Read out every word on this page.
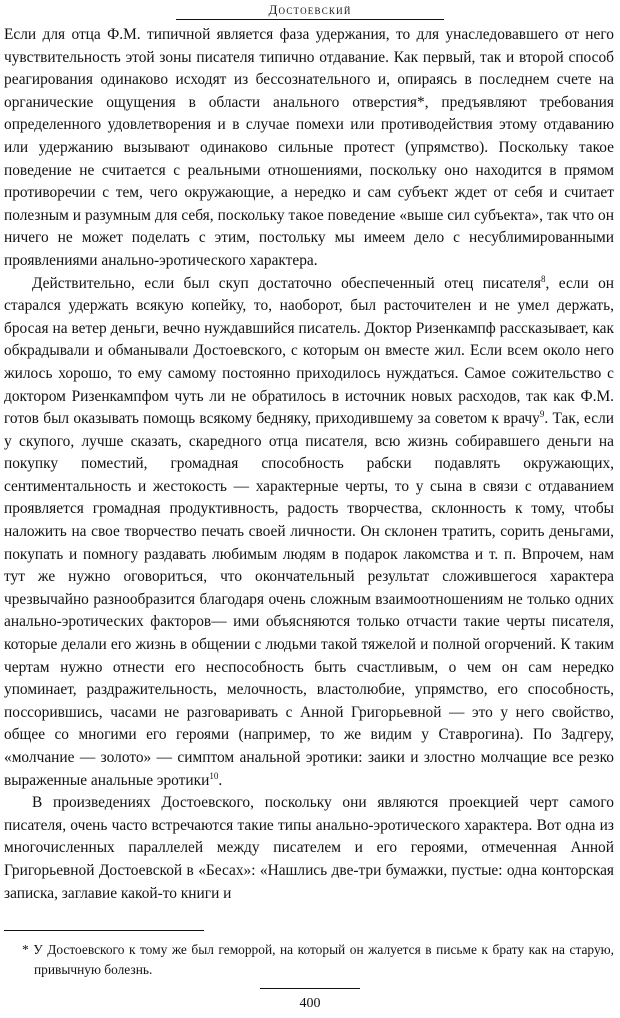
Достоевский

Если для отца Ф.М. типичной является фаза удержания, то для унаследовавшего от него чувствительность этой зоны писателя типично отдавание. Как первый, так и второй способ реагирования одинаково исходят из бессознательного и, опираясь в последнем счете на органические ощущения в области анального отверстия*, предъявляют требования определенного удовлетворения и в случае помехи или противодействия этому отдаванию или удержанию вызывают одинаково сильные протест (упрямство). Поскольку такое поведение не считается с реальными отношениями, поскольку оно находится в прямом противоречии с тем, чего окружающие, а нередко и сам субъект ждет от себя и считает полезным и разумным для себя, поскольку такое поведение «выше сил субъекта», так что он ничего не может поделать с этим, постольку мы имеем дело с несублимированными проявлениями анально-эротического характера.

Действительно, если был скуп достаточно обеспеченный отец писателя$^8$, если он старался удержать всякую копейку, то, наоборот, был расточителен и не умел держать, бросая на ветер деньги, вечно нуждавшийся писатель. Доктор Ризенкампф рассказывает, как обкрадывали и обманывали Достоевского, с которым он вместе жил. Если всем около него жилось хорошо, то ему самому постоянно приходилось нуждаться. Самое сожительство с доктором Ризенкампфом чуть ли не обратилось в источник новых расходов, так как Ф.М. готов был оказывать помощь всякому бедняку, приходившему за советом к врачу$^9$. Так, если у скупого, лучше сказать, скаредного отца писателя, всю жизнь собиравшего деньги на покупку поместий, громадная способность рабски подавлять окружающих, сентиментальность и жестокость — характерные черты, то у сына в связи с отдаванием проявляется громадная продуктивность, радость творчества, склонность к тому, чтобы наложить на свое творчество печать своей личности. Он склонен тратить, сорить деньгами, покупать и помногу раздавать любимым людям в подарок лакомства и т. п. Впрочем, нам тут же нужно оговориться, что окончательный результат сложившегося характера чрезвычайно разнообразится благодаря очень сложным взаимоотношениям не только одних анально-эротических факторов— ими объясняются только отчасти такие черты писателя, которые делали его жизнь в общении с людьми такой тяжелой и полной огорчений. К таким чертам нужно отнести его неспособность быть счастливым, о чем он сам нередко упоминает, раздражительность, мелочность, властолюбие, упрямство, его способность, поссорившись, часами не разговаривать с Анной Григорьевной — это у него свойство, общее со многими его героями (например, то же видим у Ставрогина). По Задгеру, «молчание — золото» — симптом анальной эротики: заики и злостно молчащие все резко выраженные анальные эротики$^{10}$.

В произведениях Достоевского, поскольку они являются проекцией черт самого писателя, очень часто встречаются такие типы анально-эротического характера. Вот одна из многочисленных параллелей между писателем и его героями, отмеченная Анной Григорьевной Достоевской в «Бесах»: «Нашлись две-три бумажки, пустые: одна конторская записка, заглавие какой-то книги и

* У Достоевского к тому же был геморрой, на который он жалуется в письме к брату как на старую, привычную болезнь.

400
